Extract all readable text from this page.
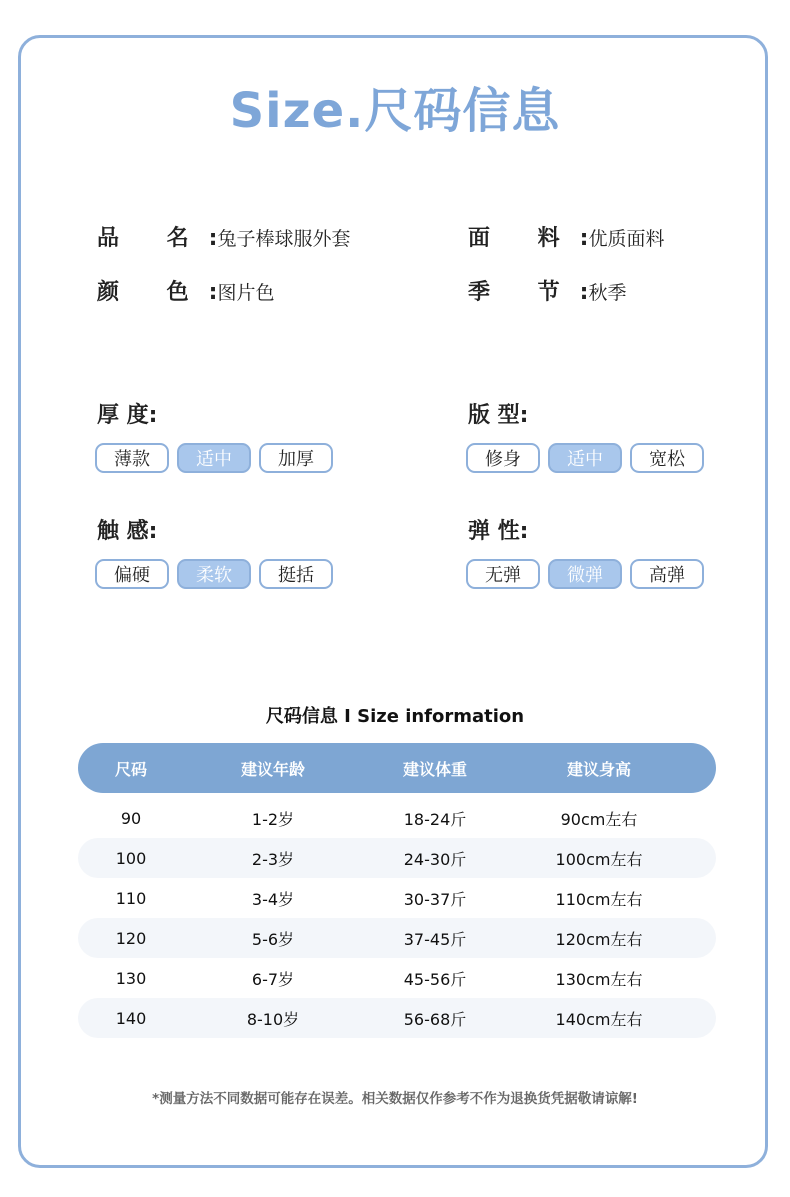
Size.尺码信息
品 名:兔子棒球服外套	面 料:优质面料
颜 色:图片色	季 节:秋季
厚 度:
薄款	适中	加厚
版 型:
修身	适中	宽松
触 感:
偏硬	柔软	挺括
弹 性:
无弹	微弹	高弹
尺码信息 I Size information
尺码	建议年龄	建议体重	建议身高
90	1-2岁	18-24斤	90cm左右
100	2-3岁	24-30斤	100cm左右
110	3-4岁	30-37斤	110cm左右
120	5-6岁	37-45斤	120cm左右
130	6-7岁	45-56斤	130cm左右
140	8-10岁	56-68斤	140cm左右
*测量方法不同数据可能存在误差。相关数据仅作参考不作为退换货凭据敬请谅解!
